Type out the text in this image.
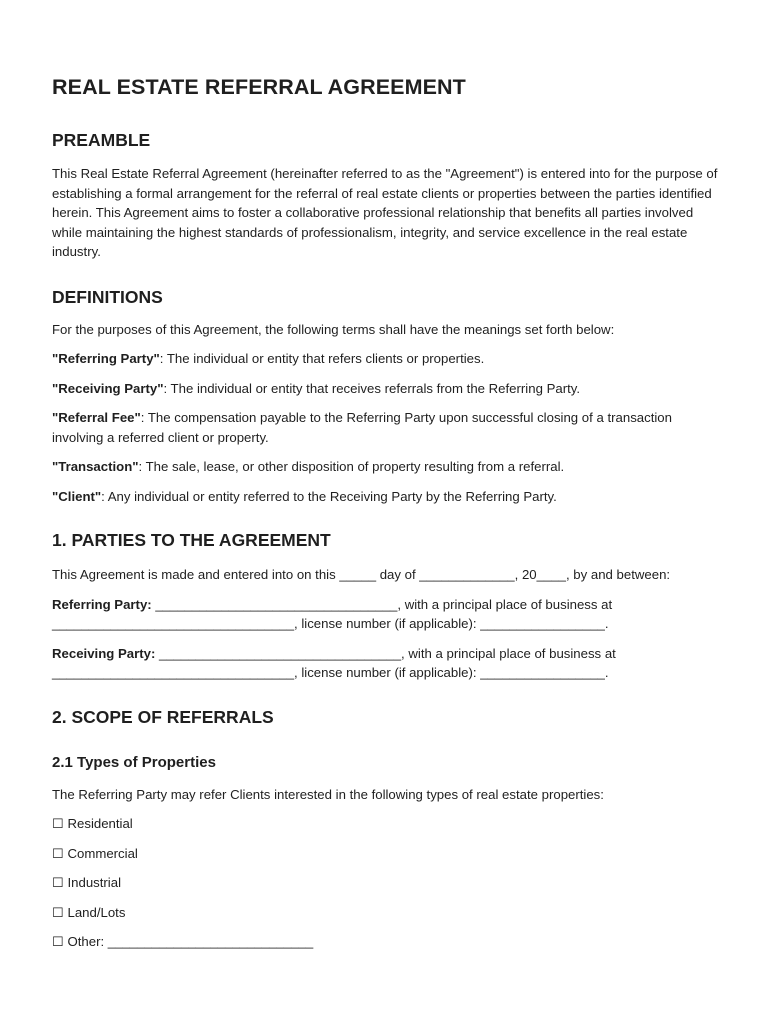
REAL ESTATE REFERRAL AGREEMENT
PREAMBLE

This Real Estate Referral Agreement (hereinafter referred to as the "Agreement") is entered into for the purpose of establishing a formal arrangement for the referral of real estate clients or properties between the parties identified herein. This Agreement aims to foster a collaborative professional relationship that benefits all parties involved while maintaining the highest standards of professionalism, integrity, and service excellence in the real estate industry.

DEFINITIONS

For the purposes of this Agreement, the following terms shall have the meanings set forth below:

"Referring Party": The individual or entity that refers clients or properties.

"Receiving Party": The individual or entity that receives referrals from the Referring Party.

"Referral Fee": The compensation payable to the Referring Party upon successful closing of a transaction involving a referred client or property.

"Transaction": The sale, lease, or other disposition of property resulting from a referral.

"Client": Any individual or entity referred to the Receiving Party by the Referring Party.

1. PARTIES TO THE AGREEMENT

This Agreement is made and entered into on this _____ day of _____________, 20____, by and between:

Referring Party: _________________________________, with a principal place of business at _________________________________, license number (if applicable): _________________.

Receiving Party: _________________________________, with a principal place of business at _________________________________, license number (if applicable): _________________.

2. SCOPE OF REFERRALS
2.1 Types of Properties

The Referring Party may refer Clients interested in the following types of real estate properties:

☐ Residential

☐ Commercial

☐ Industrial

☐ Land/Lots

☐ Other: ____________________________
